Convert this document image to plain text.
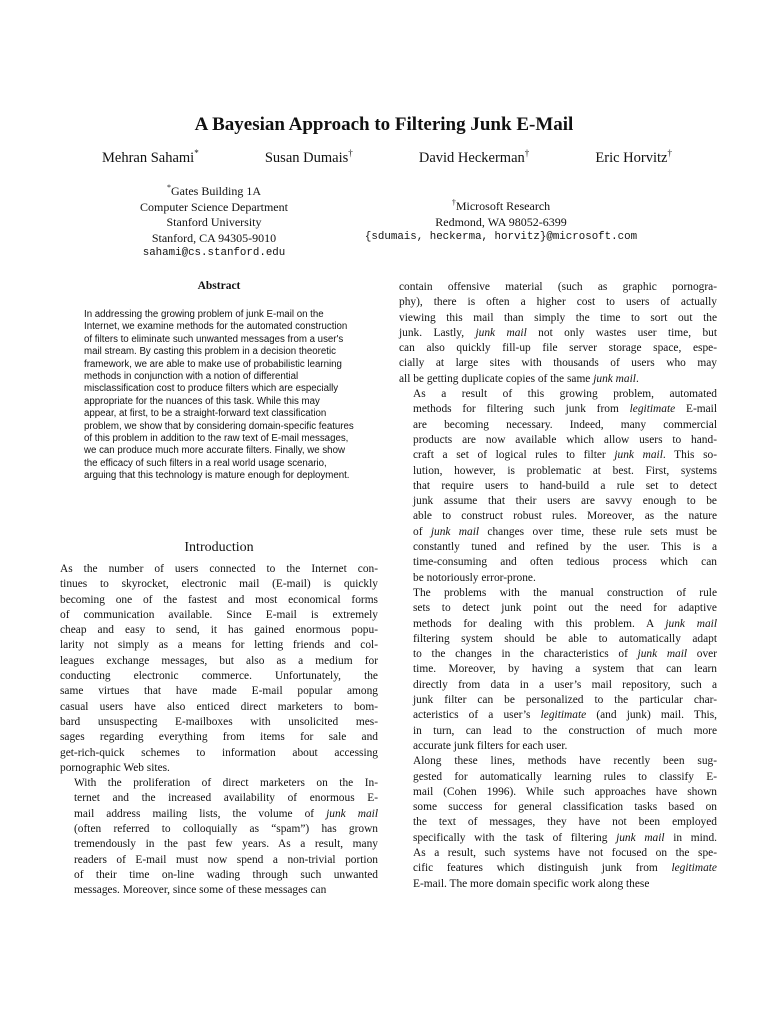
A Bayesian Approach to Filtering Junk E-Mail
Mehran Sahami*	Susan Dumais†	David Heckerman†	Eric Horvitz†
*Gates Building 1A
Computer Science Department
Stanford University
Stanford, CA 94305-9010
sahami@cs.stanford.edu
†Microsoft Research
Redmond, WA 98052-6399
{sdumais, heckerma, horvitz}@microsoft.com
Abstract

In addressing the growing problem of junk E-mail on the Internet, we examine methods for the automated construction of filters to eliminate such unwanted messages from a user's mail stream. By casting this problem in a decision theoretic framework, we are able to make use of probabilistic learning methods in conjunction with a notion of differential misclassification cost to produce filters which are especially appropriate for the nuances of this task. While this may appear, at first, to be a straight-forward text classification problem, we show that by considering domain-specific features of this problem in addition to the raw text of E-mail messages, we can produce much more accurate filters. Finally, we show the efficacy of such filters in a real world usage scenario, arguing that this technology is mature enough for deployment.

Introduction

As the number of users connected to the Internet con-
tinues to skyrocket, electronic mail (E-mail) is quickly
becoming one of the fastest and most economical forms
of communication available. Since E-mail is extremely
cheap and easy to send, it has gained enormous popu-
larity not simply as a means for letting friends and col-
leagues exchange messages, but also as a medium for
conducting electronic commerce. Unfortunately, the
same virtues that have made E-mail popular among
casual users have also enticed direct marketers to bom-
bard unsuspecting E-mailboxes with unsolicited mes-
sages regarding everything from items for sale and
get-rich-quick schemes to information about accessing
pornographic Web sites.

With the proliferation of direct marketers on the In-
ternet and the increased availability of enormous E-
mail address mailing lists, the volume of junk mail
(often referred to colloquially as “spam”) has grown
tremendously in the past few years. As a result, many
readers of E-mail must now spend a non-trivial portion
of their time on-line wading through such unwanted
messages. Moreover, since some of these messages can

contain offensive material (such as graphic pornogra-
phy), there is often a higher cost to users of actually
viewing this mail than simply the time to sort out the
junk. Lastly, junk mail not only wastes user time, but
can also quickly fill-up file server storage space, espe-
cially at large sites with thousands of users who may
all be getting duplicate copies of the same junk mail.

As a result of this growing problem, automated
methods for filtering such junk from legitimate E-mail
are becoming necessary. Indeed, many commercial
products are now available which allow users to hand-
craft a set of logical rules to filter junk mail. This so-
lution, however, is problematic at best. First, systems
that require users to hand-build a rule set to detect
junk assume that their users are savvy enough to be
able to construct robust rules. Moreover, as the nature
of junk mail changes over time, these rule sets must be
constantly tuned and refined by the user. This is a
time-consuming and often tedious process which can
be notoriously error-prone.

The problems with the manual construction of rule
sets to detect junk point out the need for adaptive
methods for dealing with this problem. A junk mail
filtering system should be able to automatically adapt
to the changes in the characteristics of junk mail over
time. Moreover, by having a system that can learn
directly from data in a user’s mail repository, such a
junk filter can be personalized to the particular char-
acteristics of a user’s legitimate (and junk) mail. This,
in turn, can lead to the construction of much more
accurate junk filters for each user.

Along these lines, methods have recently been sug-
gested for automatically learning rules to classify E-
mail (Cohen 1996). While such approaches have shown
some success for general classification tasks based on
the text of messages, they have not been employed
specifically with the task of filtering junk mail in mind.
As a result, such systems have not focused on the spe-
cific features which distinguish junk from legitimate
E-mail. The more domain specific work along these
